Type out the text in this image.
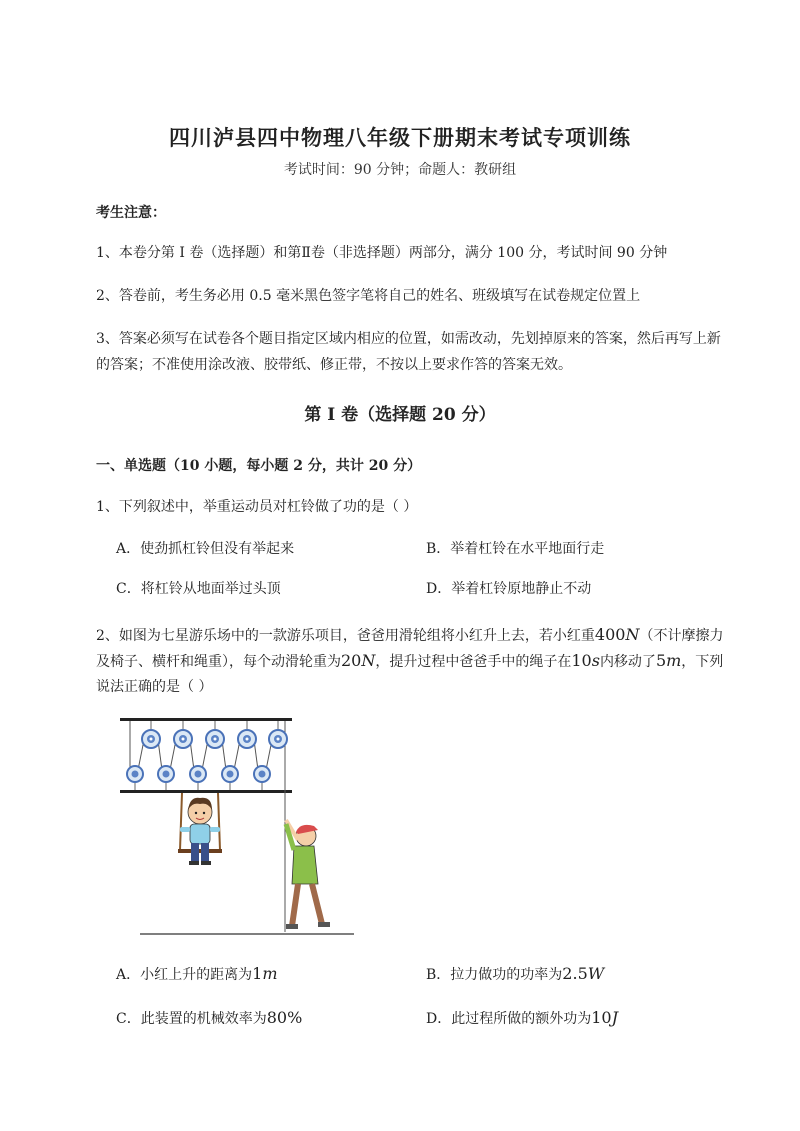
四川泸县四中物理八年级下册期末考试专项训练
考试时间：90 分钟；命题人：教研组
考生注意：
1、本卷分第 I 卷（选择题）和第Ⅱ卷（非选择题）两部分，满分 100 分，考试时间 90 分钟
2、答卷前，考生务必用 0.5 毫米黑色签字笔将自己的姓名、班级填写在试卷规定位置上
3、答案必须写在试卷各个题目指定区域内相应的位置，如需改动，先划掉原来的答案，然后再写上新
的答案；不准使用涂改液、胶带纸、修正带，不按以上要求作答的答案无效。
第 I 卷（选择题 20 分）
一、单选题（10 小题，每小题 2 分，共计 20 分）
1、下列叙述中，举重运动员对杠铃做了功的是（ ）
A．使劲抓杠铃但没有举起来	B．举着杠铃在水平地面行走
C．将杠铃从地面举过头顶	D．举着杠铃原地静止不动
2、如图为七星游乐场中的一款游乐项目，爸爸用滑轮组将小红升上去，若小红重400N（不计摩擦力
及椅子、横杆和绳重），每个动滑轮重为20N，提升过程中爸爸手中的绳子在10s内移动了5m，下列
说法正确的是（ ）
A．小红上升的距离为1m	B．拉力做功的功率为2.5W
C．此装置的机械效率为80%	D．此过程所做的额外功为10J
